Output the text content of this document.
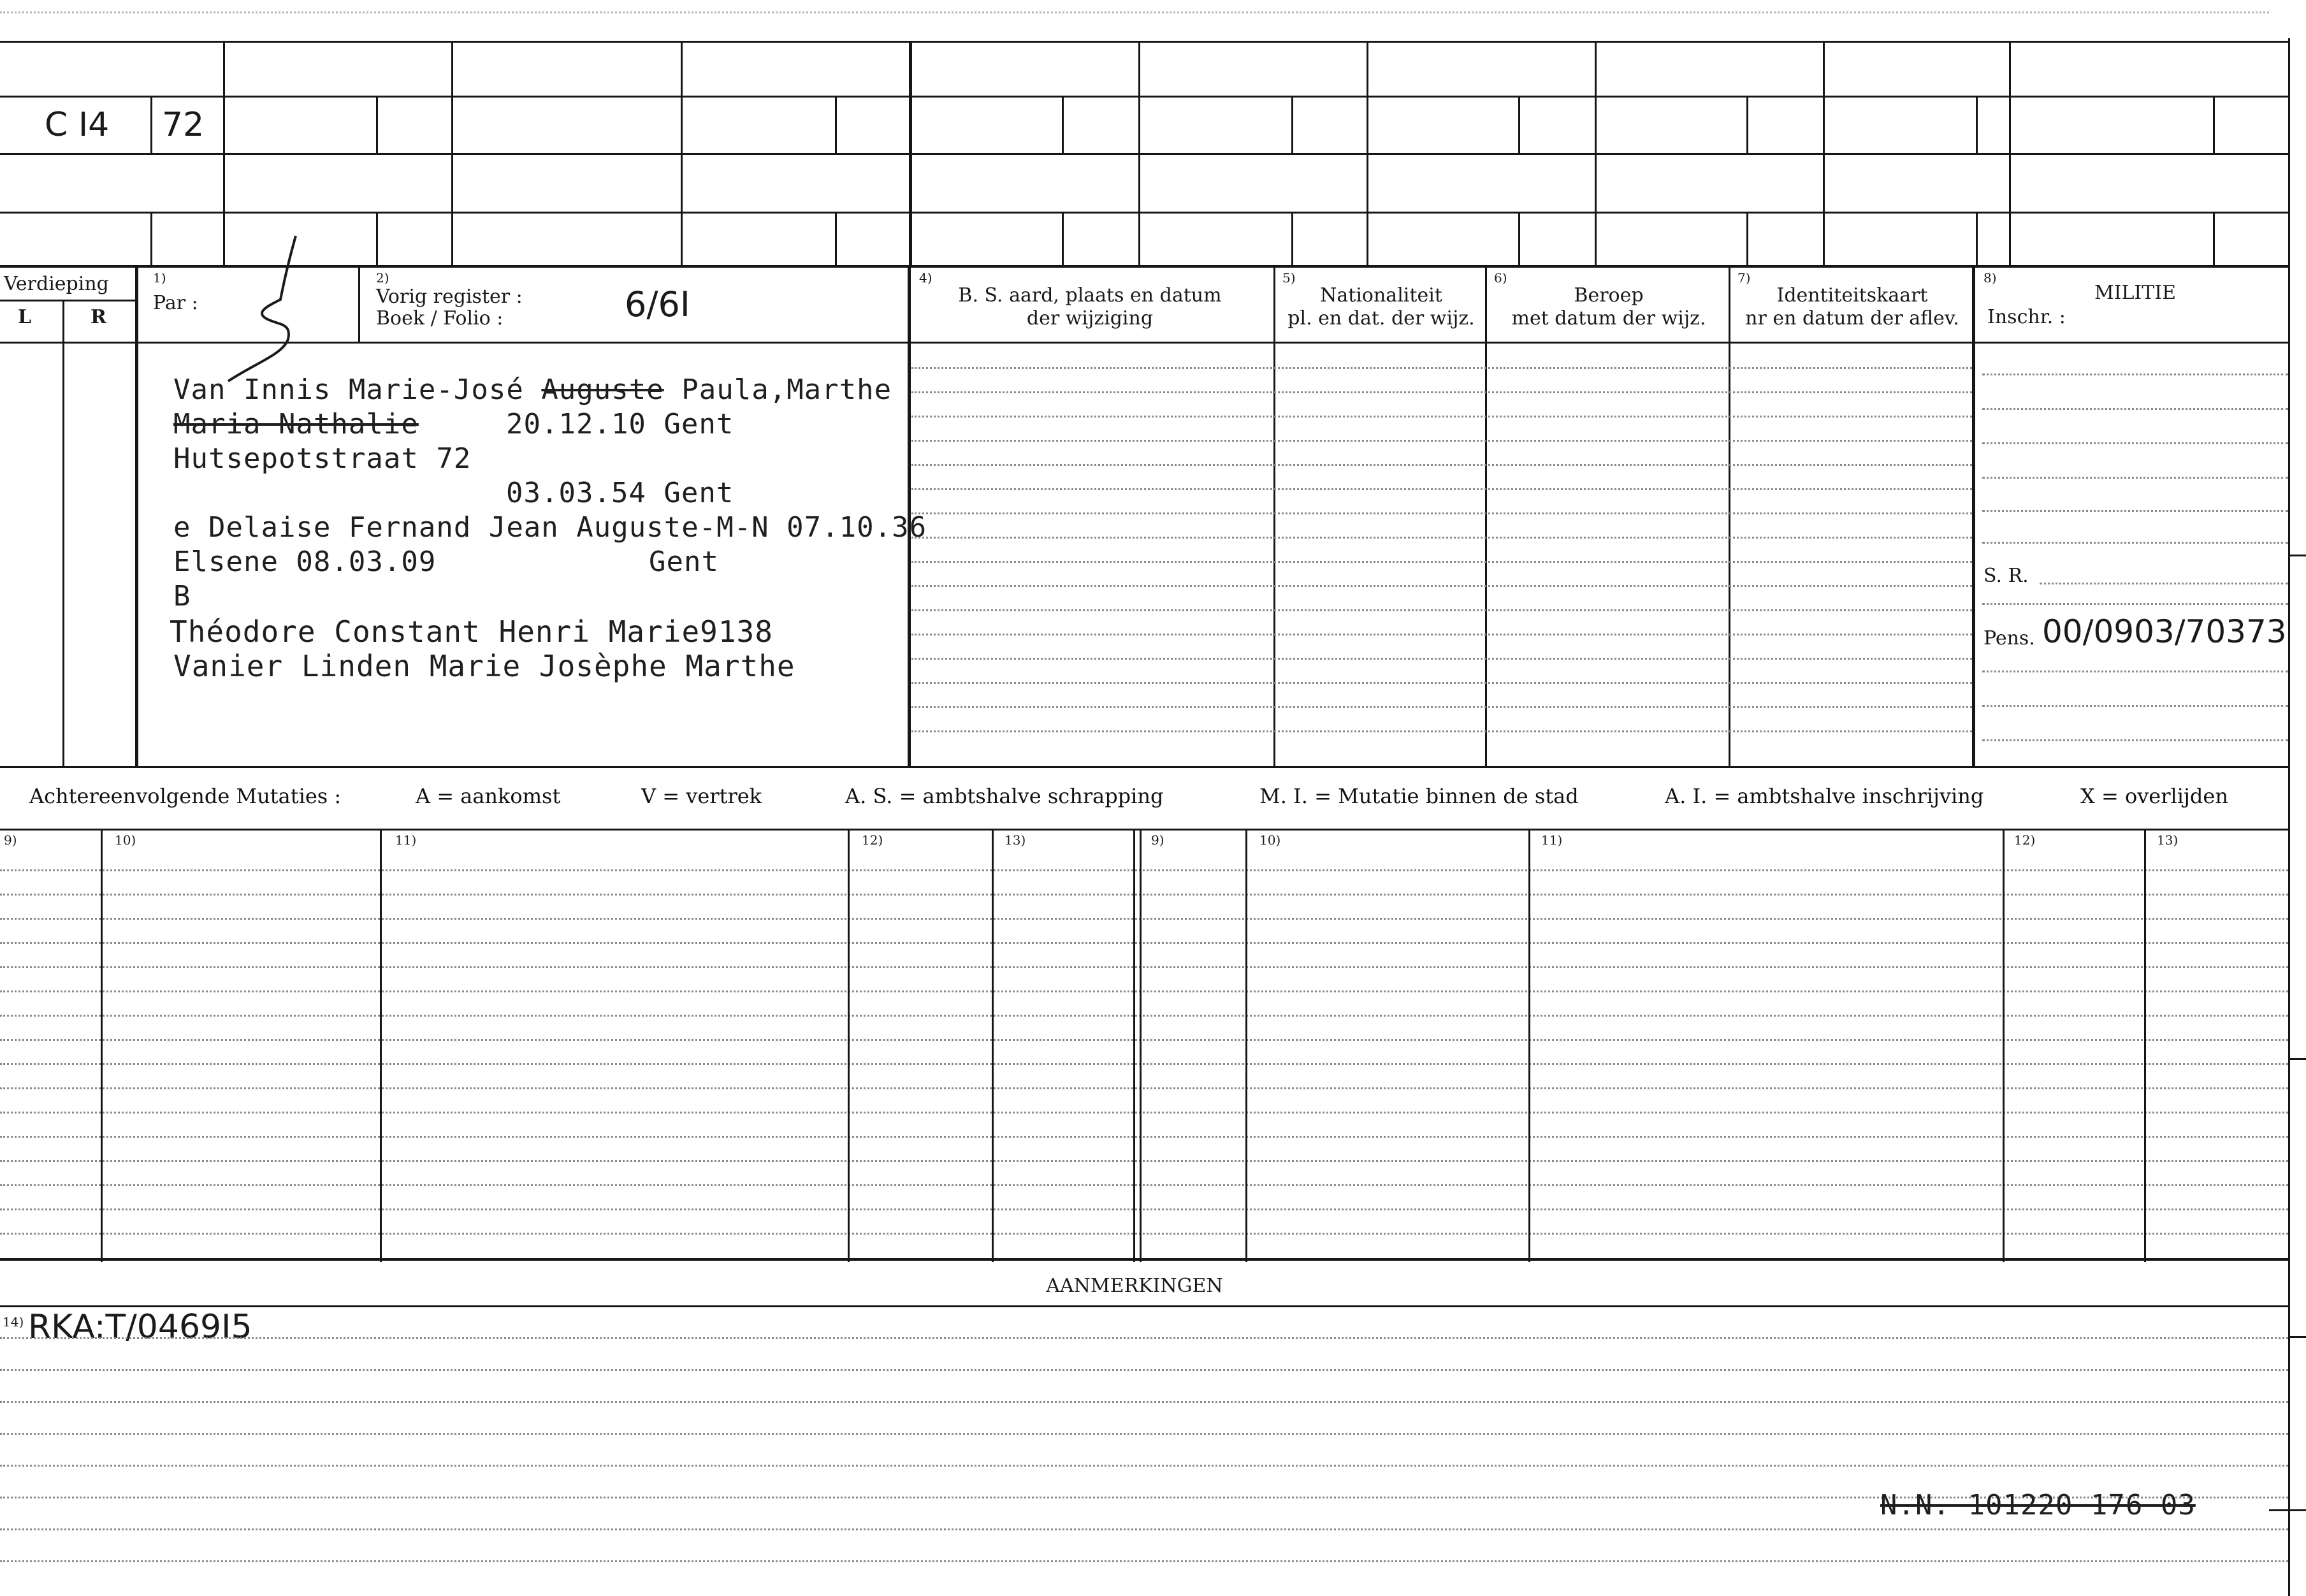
C I4 72
Verdieping
L	R
1)
Par :
2)
Vorig register :
Boek / Folio :	6/6I
4)
B. S. aard, plaats en datum
der wijziging
5)
Nationaliteit
pl. en dat. der wijz.
6)
Beroep
met datum der wijz.
7)
Identiteitskaart
nr en datum der aflev.
8)
MILITIE
Inschr. :
S. R.
Pens. 00/0903/70373
Van Innis Marie-José Auguste Paula,Marthe
Maria Nathalie	20.12.10 Gent
Hutsepotstraat 72
03.03.54 Gent
e Delaise Fernand Jean Auguste-M-N 07.10.36
Elsene 08.03.09	Gent
B
Théodore Constant Henri Marie9138
Vanier Linden Marie Josèphe Marthe
Achtereenvolgende Mutaties :	A = aankomst	V = vertrek	A. S. = ambtshalve schrapping	M. I. = Mutatie binnen de stad	A. I. = ambtshalve inschrijving	X = overlijden
9)	10)	11)	12)	13)	9)	10)	11)	12)	13)
AANMERKINGEN
14) RKA:T/0469I5
N.N. 101220 176 03
